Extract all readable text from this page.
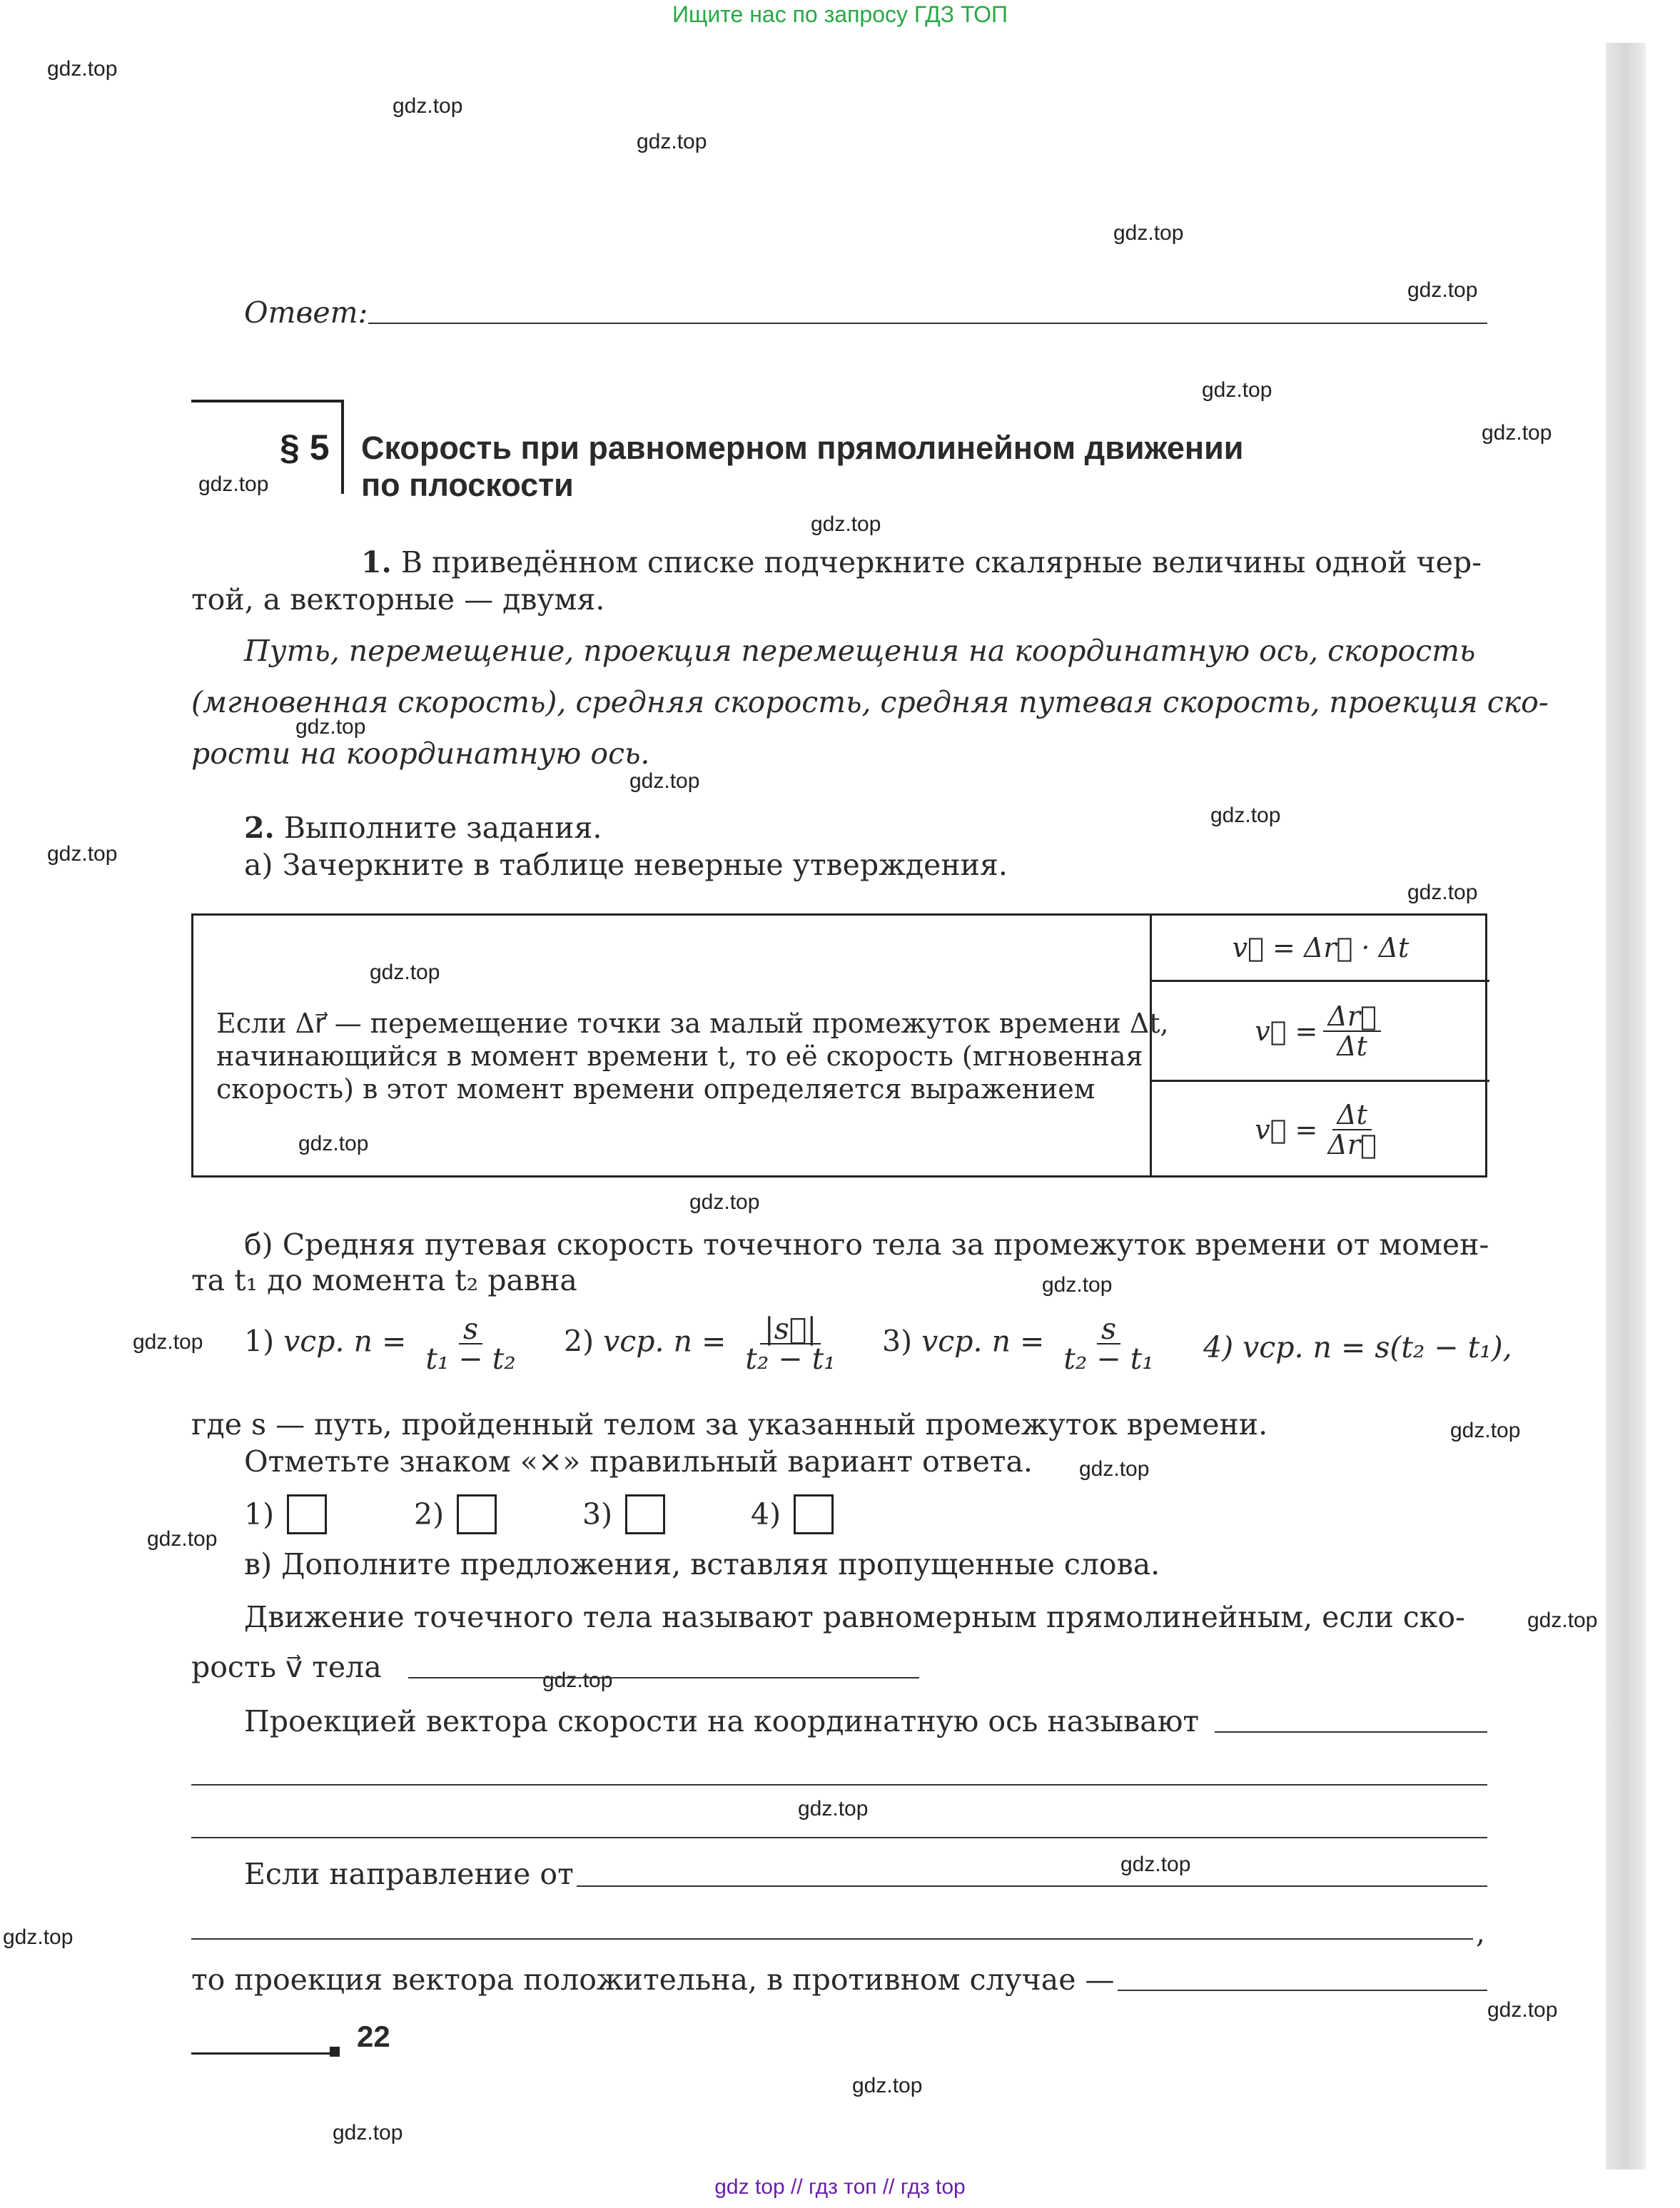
Ищите нас по запросу ГДЗ ТОП
gdz.top
gdz.top
gdz.top
gdz.top
gdz.top
gdz.top
gdz.top
gdz.top
gdz.top
gdz.top
gdz.top
gdz.top
gdz.top
gdz.top
gdz.top
gdz.top
gdz.top
gdz.top
gdz.top
gdz.top
gdz.top
gdz.top
gdz.top
gdz.top
gdz.top
gdz.top
gdz.top
gdz.top
gdz.top
gdz.top
Ответ:
§ 5 Скорость при равномерном прямолинейном движении
по плоскости
1. В приведённом списке подчеркните скалярные величины одной чер-
той, а векторные — двумя.
Путь, перемещение, проекция перемещения на координатную ось, скорость
(мгновенная скорость), средняя скорость, средняя путевая скорость, проекция ско-
рости на координатную ось.
2. Выполните задания.
а) Зачеркните в таблице неверные утверждения.
Если Δr⃗ — перемещение точки за малый промежуток времени Δt,
начинающийся в момент времени t, то её скорость (мгновенная
скорость) в этот момент времени определяется выражением
v⃗ = Δr⃗ · Δt
v⃗ = $\frac{\Delta r⃗}{\Delta t}$
v⃗ = $\frac{\Delta t}{\Delta r⃗}$
б) Средняя путевая скорость точечного тела за промежуток времени от момен-
та t₁ до момента t₂ равна
1) vср. $п = \frac{s}{\text{t₁ − t₂}} 2$) vср. $п = \frac{|s⃗|}{\text{t₂ − t₁}} 3$) vср. $п = \frac{s}{\text{t₂ − t₁}} 4$) vср. п = s(t₂ − t₁),
где s — путь, пройденный телом за указанный промежуток времени.
Отметьте знаком «×» правильный вариант ответа.
1)	2)	3)	4)
в) Дополните предложения, вставляя пропущенные слова.
Движение точечного тела называют равномерным прямолинейным, если ско-
рость v⃗ тела
Проекцией вектора скорости на координатную ось называют
Если направление от
,
то проекция вектора положительна, в противном случае —
22
gdz top // гдз топ // гдз top
